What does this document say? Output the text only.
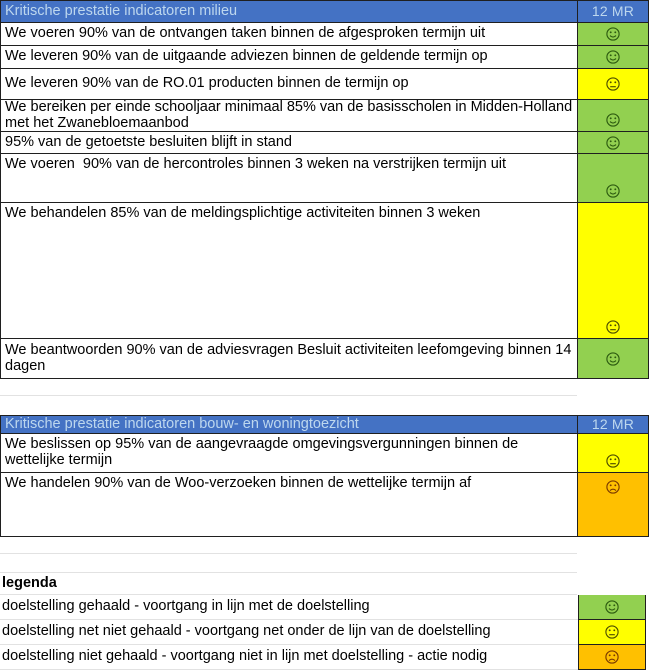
Kritische prestatie indicatoren milieu	12 MR
We voeren 90% van de ontvangen taken binnen de afgesproken termijn uit
We leveren 90% van de uitgaande adviezen binnen de geldende termijn op
We leveren 90% van de RO.01 producten binnen de termijn op
We bereiken per einde schooljaar minimaal 85% van de basisscholen in Midden-Holland met het Zwanebloemaanbod
95% van de getoetste besluiten blijft in stand
We voeren  90% van de hercontroles binnen 3 weken na verstrijken termijn uit
We behandelen 85% van de meldingsplichtige activiteiten binnen 3 weken
We beantwoorden 90% van de adviesvragen Besluit activiteiten leefomgeving binnen 14 dagen
Kritische prestatie indicatoren bouw- en woningtoezicht	12 MR
We beslissen op 95% van de aangevraagde omgevingsvergunningen binnen de wettelijke termijn
We handelen 90% van de Woo-verzoeken binnen de wettelijke termijn af
legenda
doelstelling gehaald - voortgang in lijn met de doelstelling
doelstelling net niet gehaald - voortgang net onder de lijn van de doelstelling
doelstelling niet gehaald - voortgang niet in lijn met doelstelling - actie nodig
